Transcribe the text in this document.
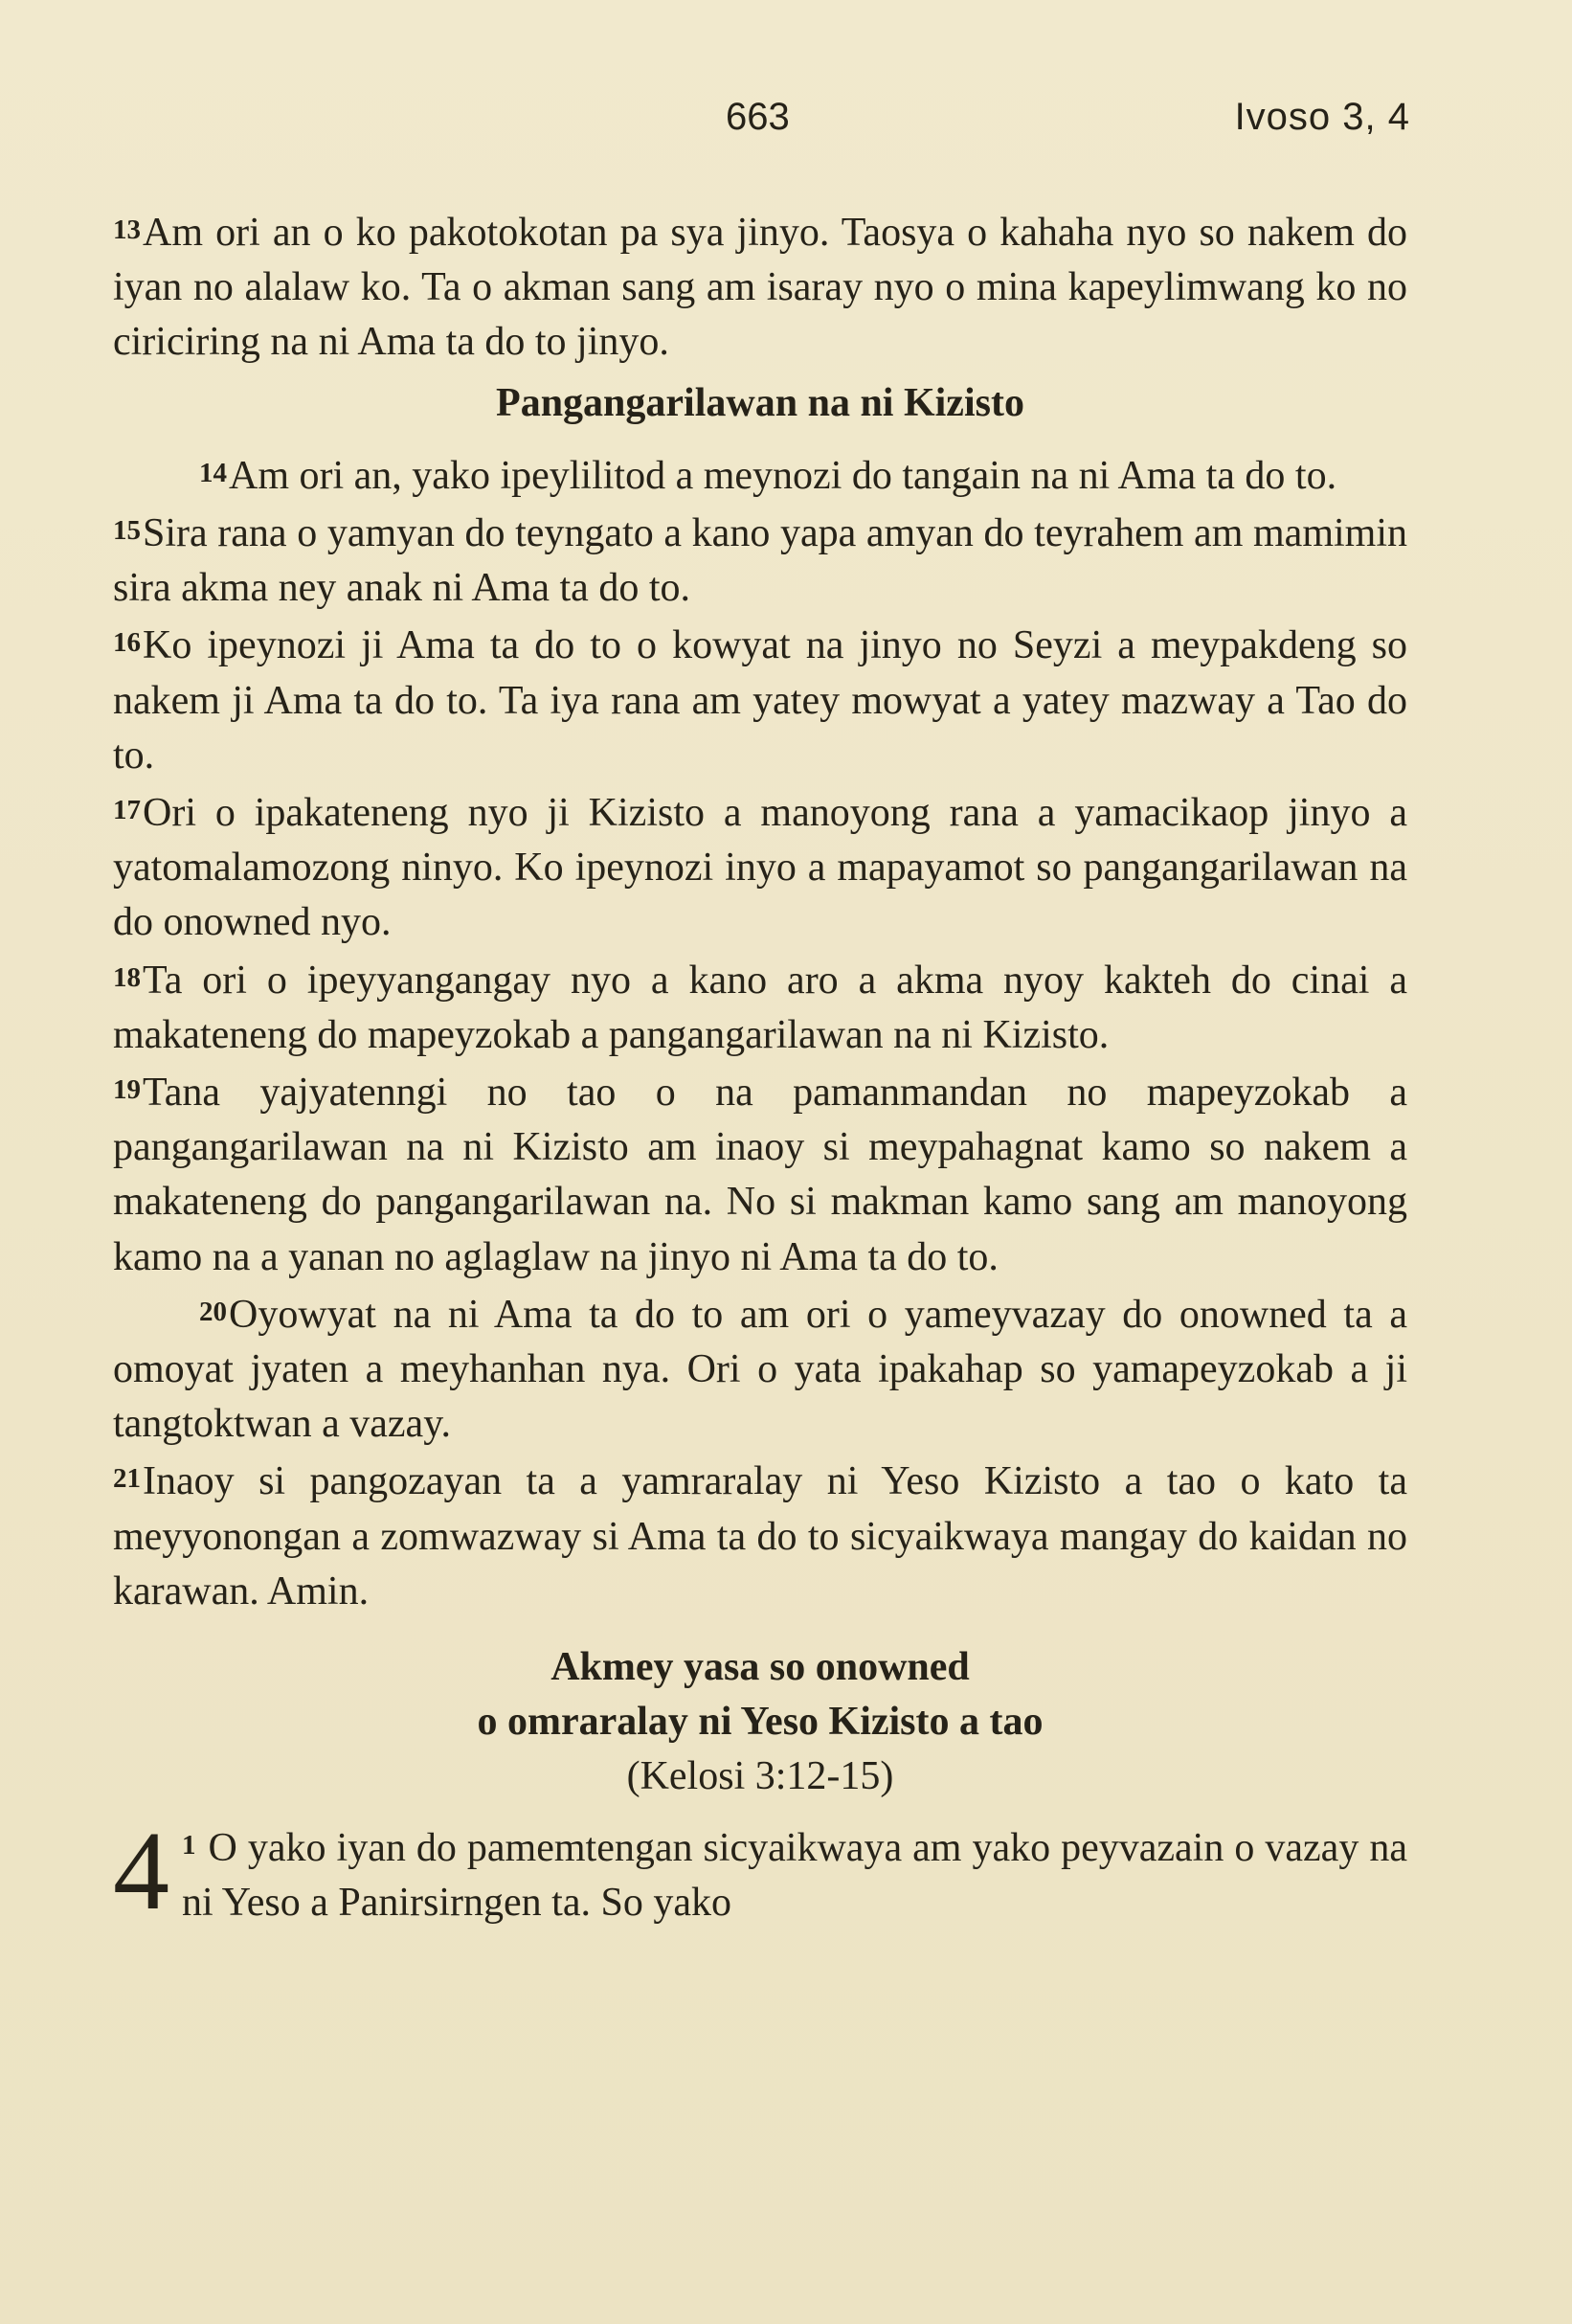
663	Ivoso 3, 4

13Am ori an o ko pakotokotan pa sya jinyo. Taosya o kahaha nyo so nakem do iyan no alalaw ko. Ta o akman sang am isaray nyo o mina kapeylimwang ko no ciriciring na ni Ama ta do to jinyo.

Pangangarilawan na ni Kizisto

14Am ori an, yako ipeylilitod a meynozi do tangain na ni Ama ta do to.

15Sira rana o yamyan do teyngato a kano yapa amyan do teyrahem am mamimin sira akma ney anak ni Ama ta do to.

16Ko ipeynozi ji Ama ta do to o kowyat na jinyo no Seyzi a meypakdeng so nakem ji Ama ta do to. Ta iya rana am yatey mowyat a yatey mazway a Tao do to.

17Ori o ipakateneng nyo ji Kizisto a manoyong rana a yamacikaop jinyo a yatomalamozong ninyo. Ko ipeynozi inyo a mapayamot so pangangarilawan na do onowned nyo.

18Ta ori o ipeyyangangay nyo a kano aro a akma nyoy kakteh do cinai a makateneng do mapeyzokab a pangangarilawan na ni Kizisto.

19Tana yajyatenngi no tao o na pamanmandan no mapeyzokab a pangangarilawan na ni Kizisto am inaoy si meypahagnat kamo so nakem a makateneng do pangangarilawan na. No si makman kamo sang am manoyong kamo na a yanan no aglaglaw na jinyo ni Ama ta do to.

20Oyowyat na ni Ama ta do to am ori o yameyvazay do onowned ta a omoyat jyaten a meyhanhan nya. Ori o yata ipakahap so yamapeyzokab a ji tangtoktwan a vazay.

21Inaoy si pangozayan ta a yamraralay ni Yeso Kizisto a tao o kato ta meyyonongan a zomwazway si Ama ta do to sicyaikwaya mangay do kaidan no karawan. Amin.

Akmey yasa so onowned
o omraralay ni Yeso Kizisto a tao
(Kelosi 3:12-15)
4 1 O yako iyan do pamemtengan sicyaikwaya am yako peyvazain o vazay na ni Yeso a Panirsirngen ta. So yako
